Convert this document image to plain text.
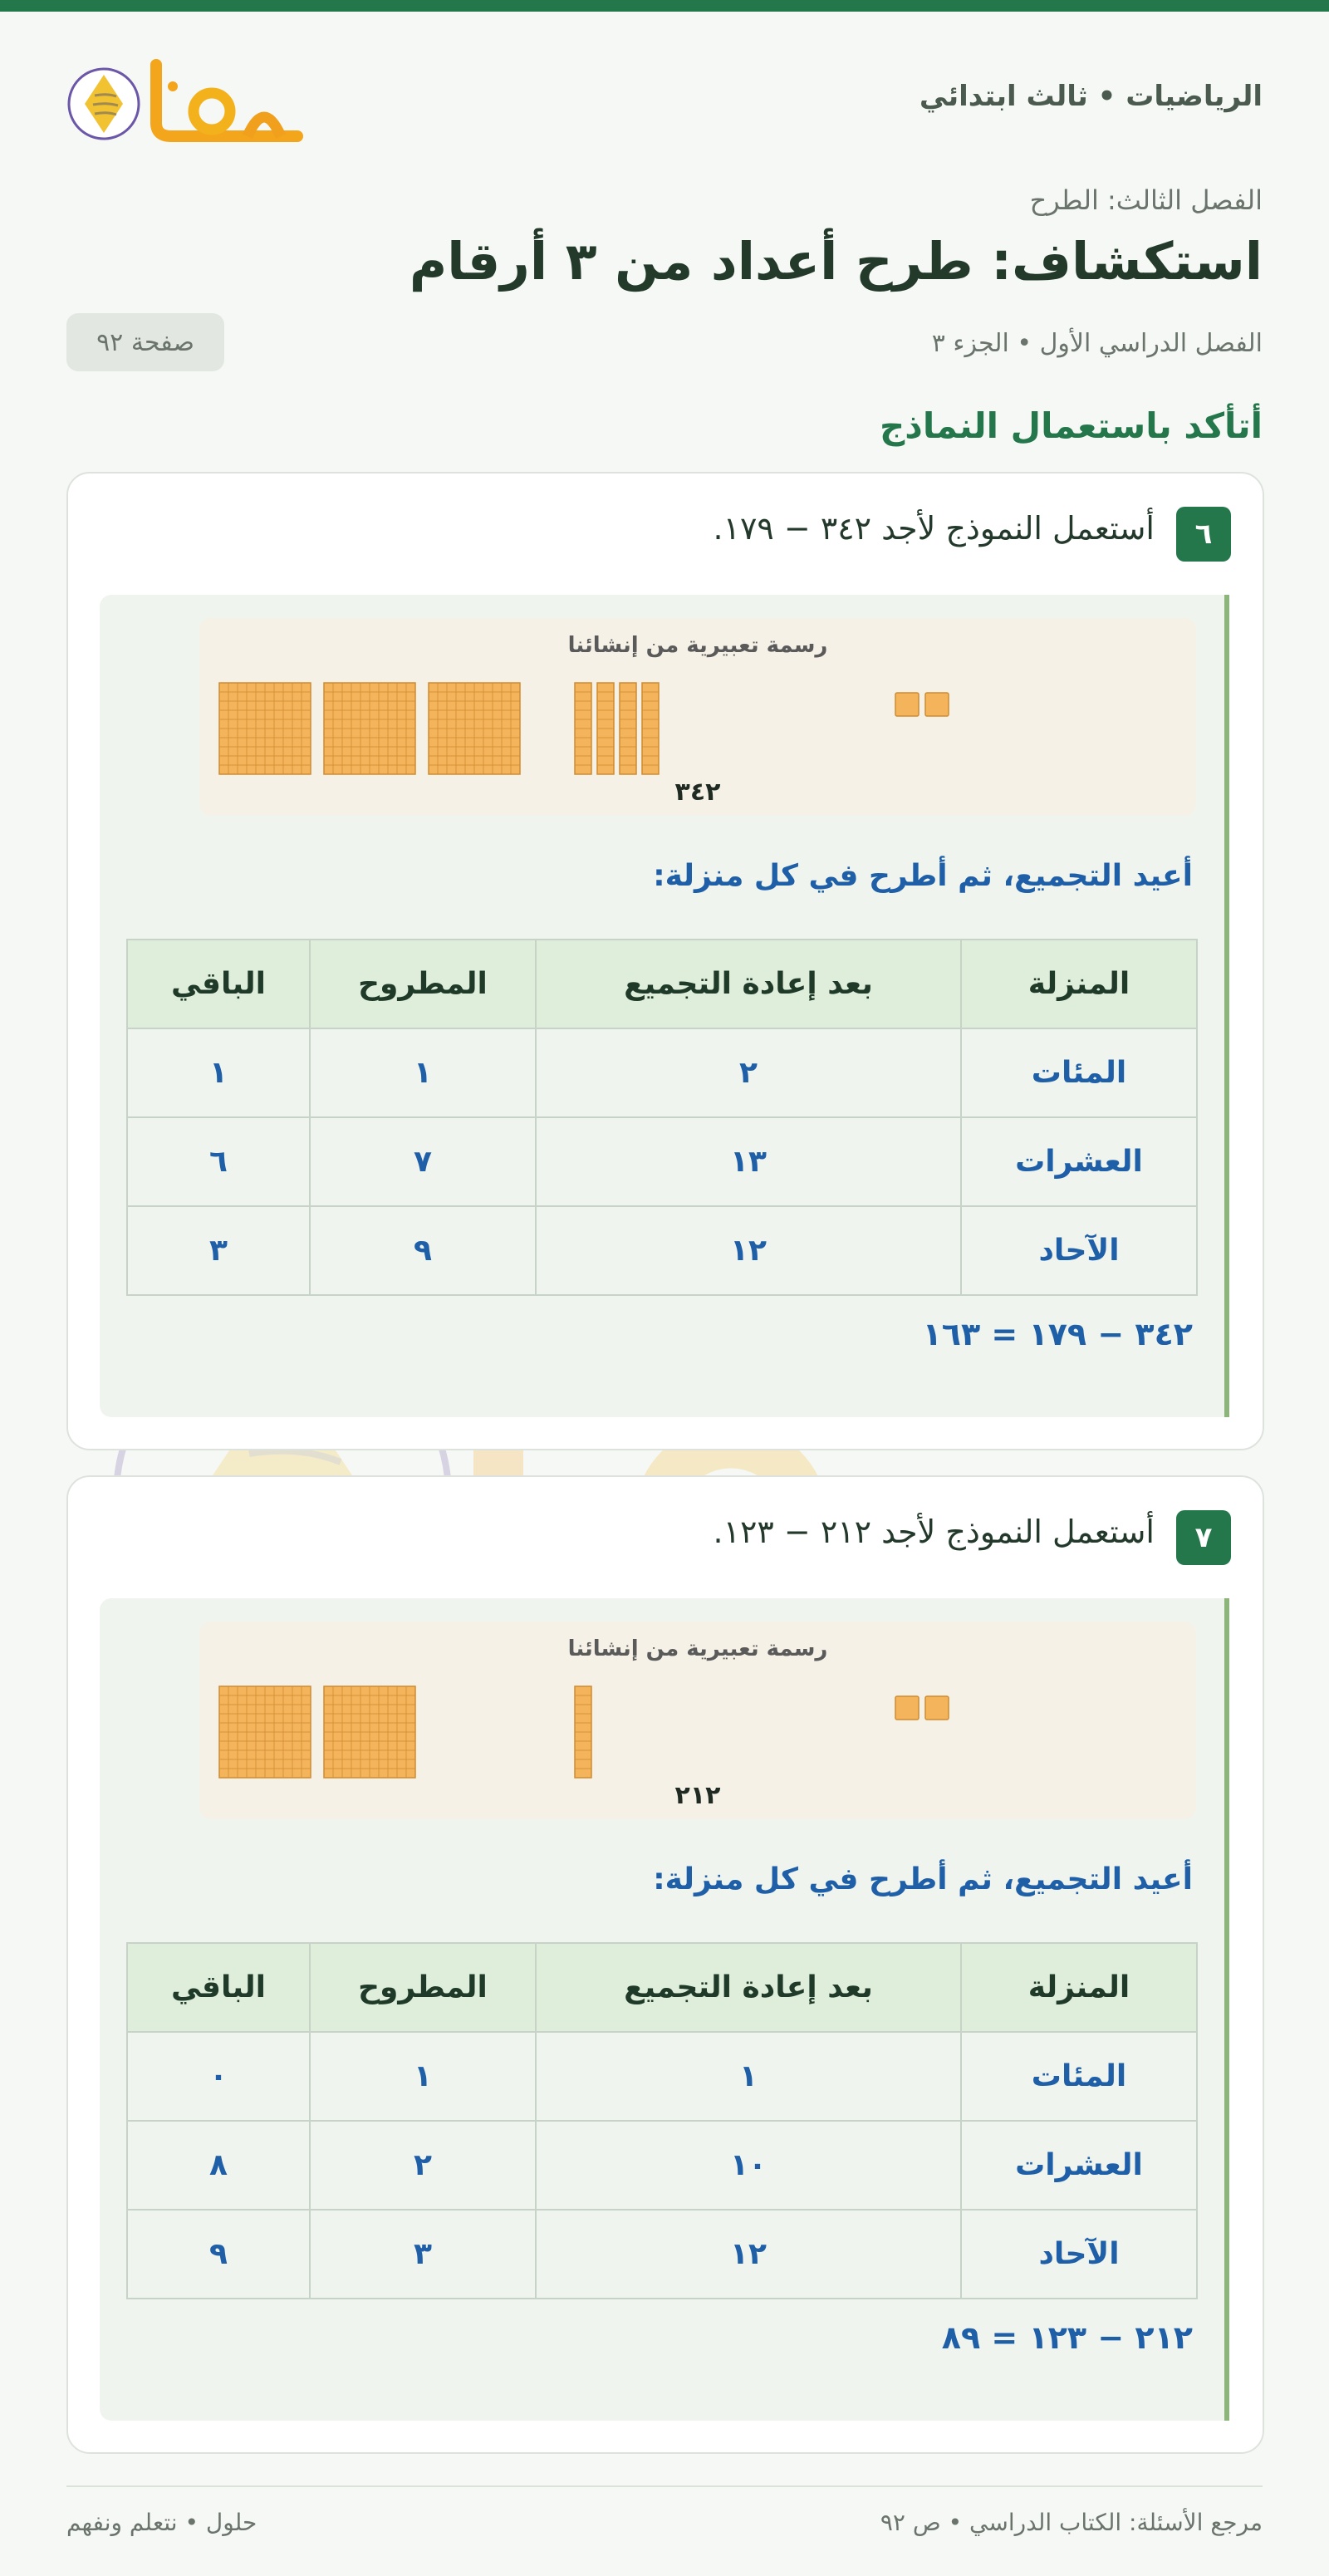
الرياضيات • ثالث ابتدائي
الفصل الثالث: الطرح
استكشاف: طرح أعداد من ٣ أرقام
الفصل الدراسي الأول • الجزء ٣
صفحة ٩٢
أتأكد باستعمال النماذج
٦
أستعمل النموذج لأجد ٣٤٢ − ١٧٩.
رسمة تعبيرية من إنشائنا
٣٤٢
أعيد التجميع، ثم أطرح في كل منزلة:
المنزلة	بعد إعادة التجميع	المطروح	الباقي
المئات	٢	١	١
العشرات	١٣	٧	٦
الآحاد	١٢	٩	٣
٣٤٢ − ١٧٩ = ١٦٣
٧
أستعمل النموذج لأجد ٢١٢ − ١٢٣.
رسمة تعبيرية من إنشائنا
٢١٢
أعيد التجميع، ثم أطرح في كل منزلة:
المنزلة	بعد إعادة التجميع	المطروح	الباقي
المئات	١	١	٠
العشرات	١٠	٢	٨
الآحاد	١٢	٣	٩
٢١٢ − ١٢٣ = ٨٩
مرجع الأسئلة: الكتاب الدراسي • ص ٩٢
حلول • نتعلم ونفهم
